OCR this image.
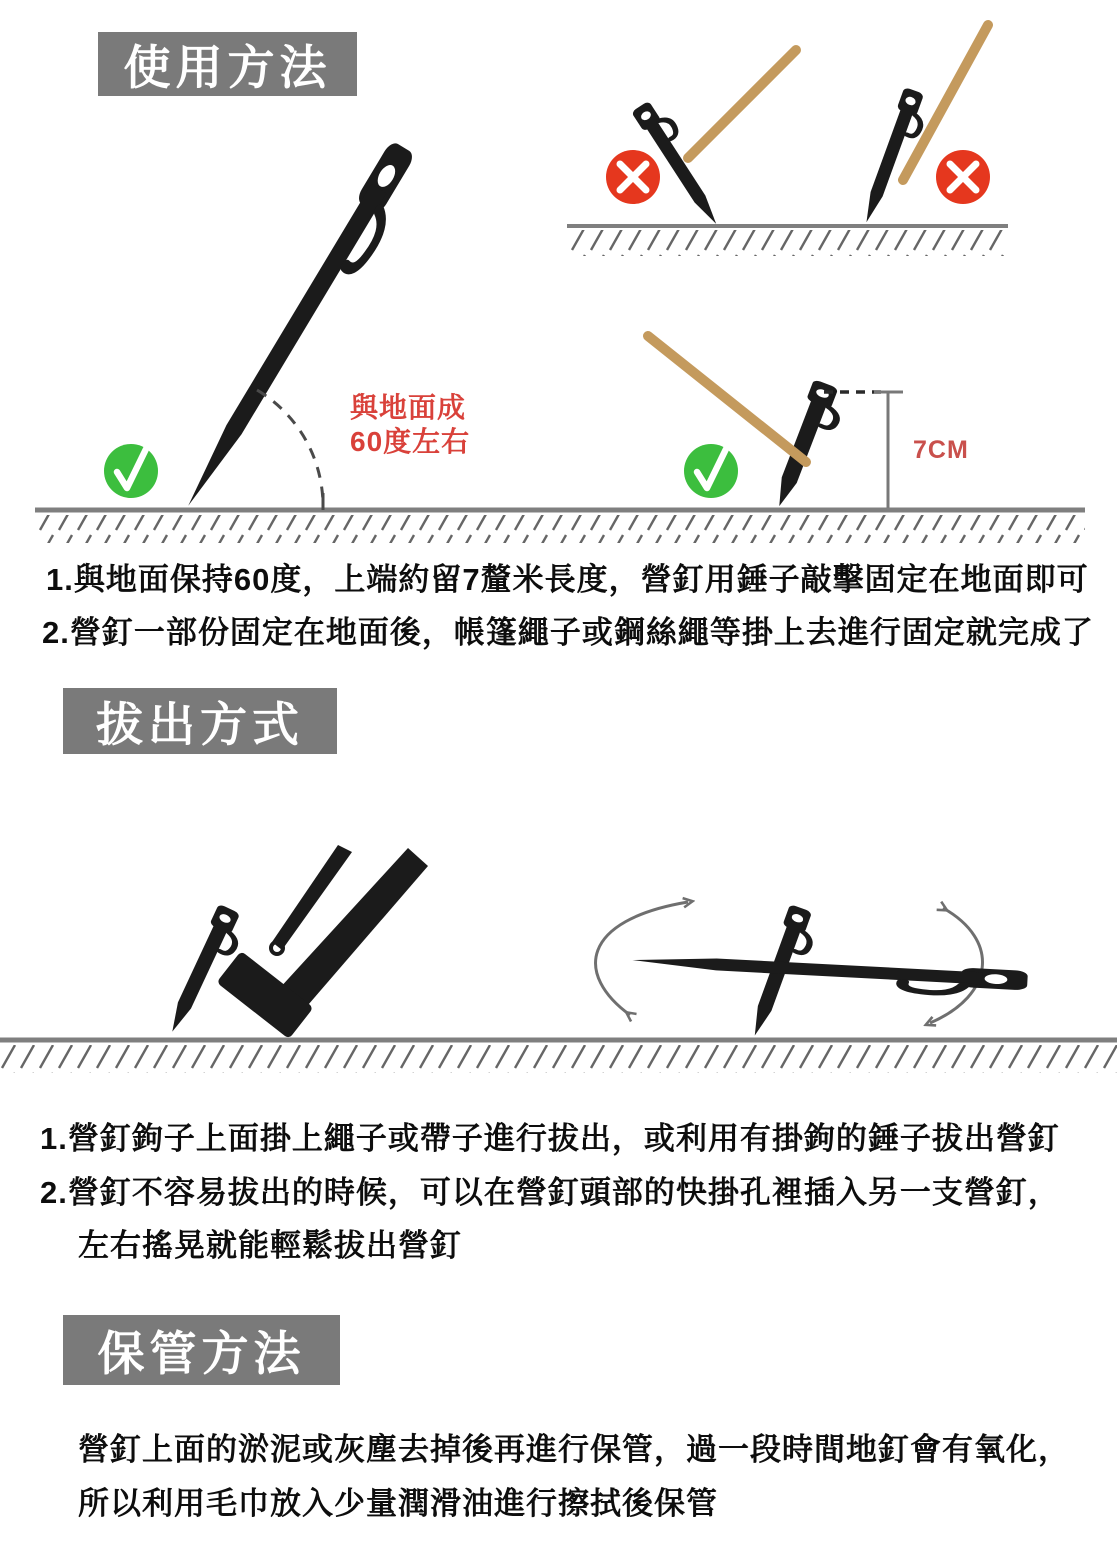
使用方法
與地面成
60度左右	7CM
1.與地面保持60度，上端約留7釐米長度，營釘用錘子敲擊固定在地面即可
2.營釘一部份固定在地面後，帳篷繩子或鋼絲繩等掛上去進行固定就完成了
拔出方式
1.營釘鉤子上面掛上繩子或帶子進行拔出，或利用有掛鉤的錘子拔出營釘
2.營釘不容易拔出的時候，可以在營釘頭部的快掛孔裡插入另一支營釘，
左右搖晃就能輕鬆拔出營釘
保管方法
營釘上面的淤泥或灰塵去掉後再進行保管，過一段時間地釘會有氧化，
所以利用毛巾放入少量潤滑油進行擦拭後保管
